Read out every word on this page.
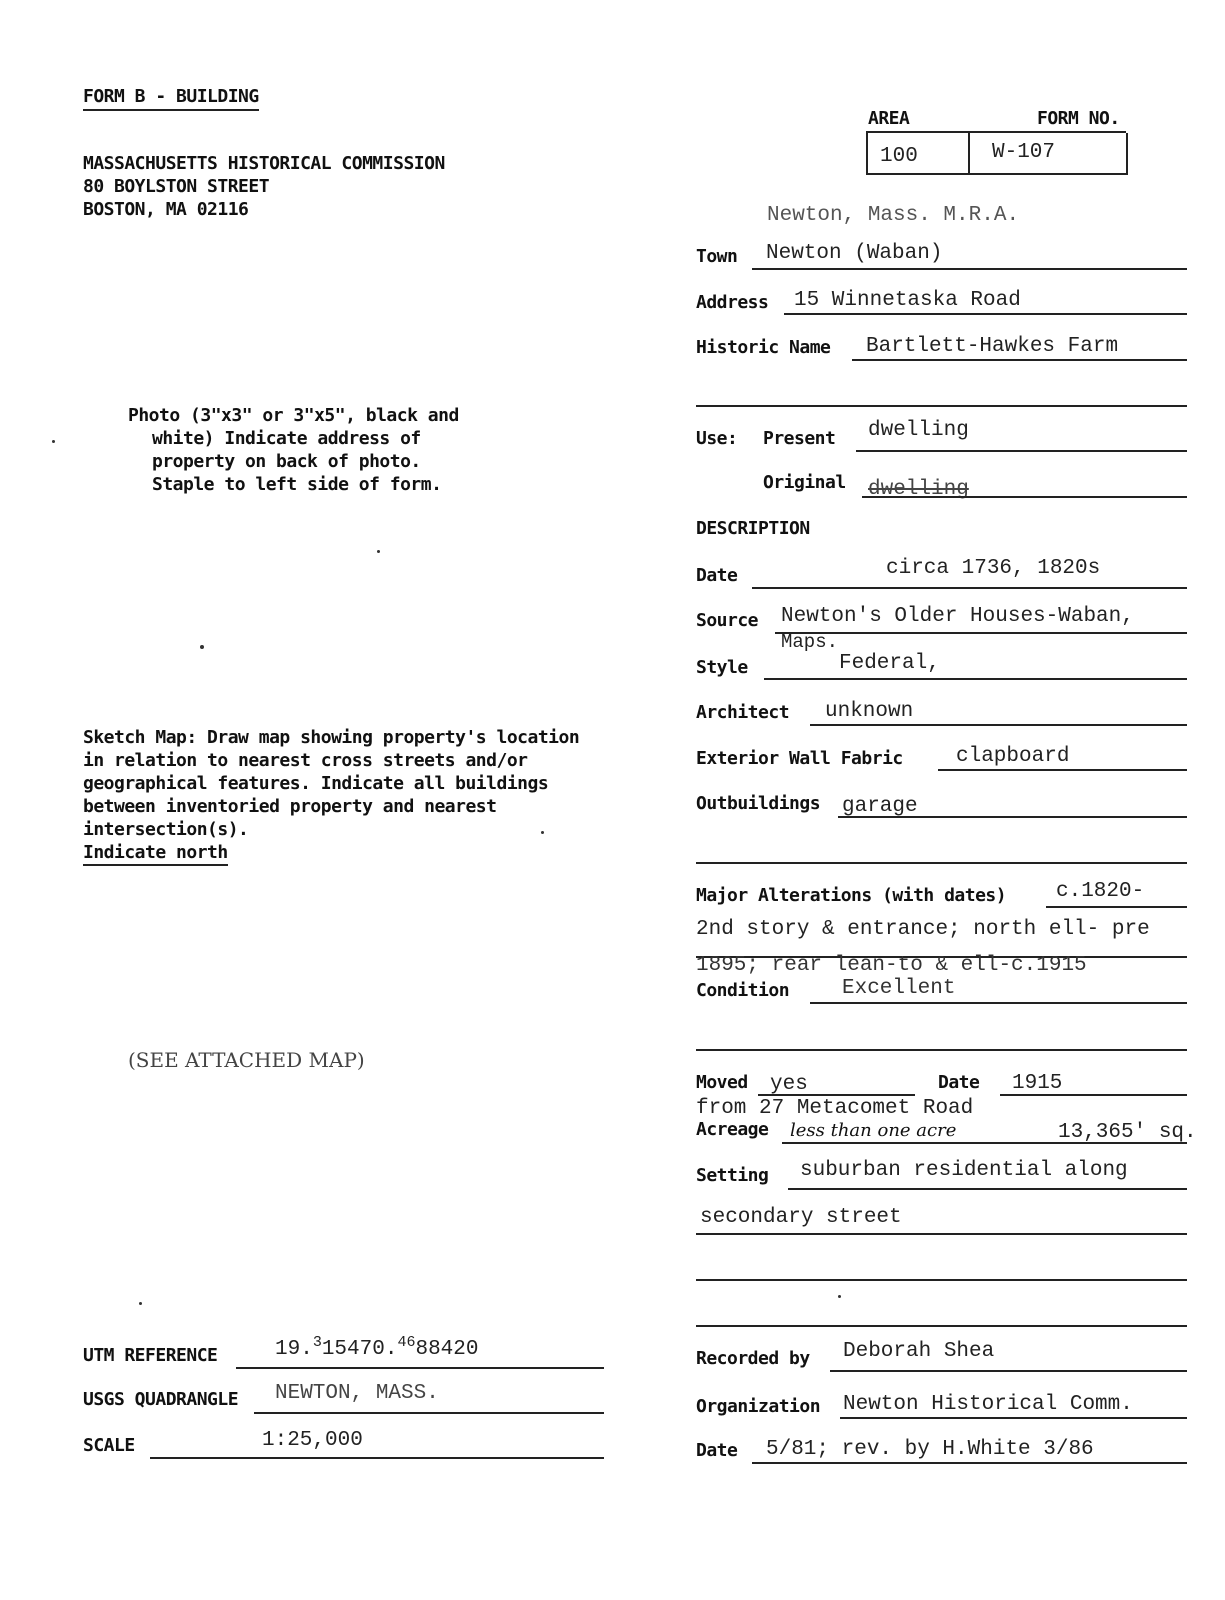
FORM B - BUILDING
MASSACHUSETTS HISTORICAL COMMISSION
80 BOYLSTON STREET
BOSTON, MA 02116
Photo (3"x3" or 3"x5", black and
white) Indicate address of
property on back of photo.
Staple to left side of form.
Sketch Map: Draw map showing property's location
in relation to nearest cross streets and/or
geographical features. Indicate all buildings
between inventoried property and nearest
intersection(s).
Indicate north
(SEE ATTACHED MAP)
UTM REFERENCE	19.$^3$15470.4688420
USGS QUADRANGLE NEWTON, MASS.
SCALE	1:25,000
AREA	FORM NO.
100	W-107
Newton, Mass. M.R.A.
Town Newton (Waban)
Address 15 Winnetaska Road
Historic Name Bartlett-Hawkes Farm
Use: Present dwelling
Original dwelling
DESCRIPTION
Date	circa 1736, 1820s
Source Newton's Older Houses-Waban,
Maps.
Style	Federal,
Architect unknown
Exterior Wall Fabric	clapboard
Outbuildings garage
Major Alterations (with dates) c.1820-
2nd story & entrance; north ell- pre
1895; rear lean-to & ell-c.1915
Condition	Excellent
Moved yes	Date 1915
from 27 Metacomet Road
Acreage less than one acre	13,365' sq.
Setting suburban residential along
secondary street
Recorded by Deborah Shea
Organization Newton Historical Comm.
Date 5/81; rev. by H.White 3/86
